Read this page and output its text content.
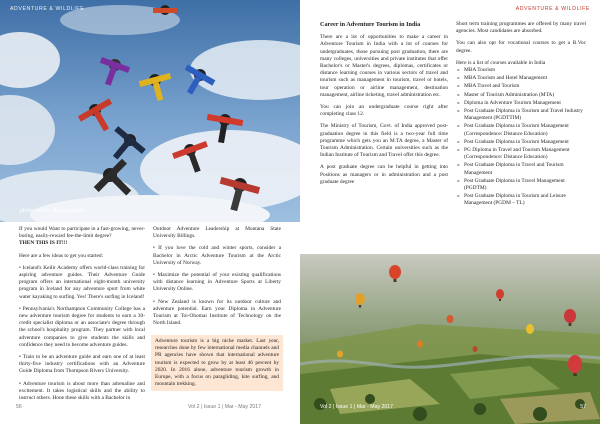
ADVENTURE & WILDLIFE
photo credit - travel planet

If you would Want to participate in a fast-growing, never-boring, easily-reward fee-the-limit degree?
THEN THIS IS IT!!!

Here are a few ideas to get you started:

• Iceland's Keilir Academy offers world-class training for aspiring adventure guides. Their Adventure Guide program offers an international eight-month university program in Iceland for any adventure sport from white water kayaking to surfing. Yes! There's surfing in Iceland!

• Pennsylvania's Northampton Community College has a new adventure tourism degree for students to earn a 30-credit specialist diploma or an associate's degree through the school's hospitality program. They partner with local adventure companies to give students the skills and confidence they need to become adventure guides.

• Train to be an adventure guide and earn one of at least thirty-five industry certifications with an Adventure Guide Diploma from Thompson Rivers University.

• Adventure tourism is about more than adrenaline and excitement. It takes logistical skills and the ability to instruct others. Hone these skills with a Bachelor in

Outdoor Adventure Leadership at Montana State University Billings.

• If you love the cold and winter sports, consider a Bachelor in Arctic Adventure Tourism at the Arctic University of Norway.

• Maximize the potential of your existing qualifications with distance learning in Adventure Sports at Liberty University Online.

• New Zealand is known for its outdoor culture and adventure potential. Earn your Diploma in Adventure Tourism at Toi-Ohomai Institute of Technology on the North Island.

Adventure tourism is a big niche market. Last year, researches done by few international media channels and PR agencies have shown that international adventure tourism is expected to grow by at least 46 percent by 2020. In 2016 alone, adventure tourism growth in Europe, with a focus on paragliding, kite surfing, and mountain trekking.
56	Vol 2 | Issue 1 | Mar - May 2017
ADVENTURE & WILDLIFE
Career in Adventure Tourism in India

There are a lot of opportunities to make a career in Adventure Tourism in India with a lot of courses for undergraduates, those pursuing post graduation, there are many colleges, universities and private institutes that offer Bachelor's or Master's degrees, diplomas, certificates or distance learning courses in various sectors of travel and tourism such as management in tourism, travel or hotels, tour operation or airline management, destination management, airline ticketing, travel administration etc.

You can join an undergraduate course right after completing class 12.

The Ministry of Tourism, Govt. of India approved post-graduation degree in this field is a two-year full time programme which gets you an M.TA degree, a Master of Tourism Administration. Certain universities such as the Indian Institute of Tourism and Travel offer this degree.

A post graduate degree can be helpful in getting into Positions as managers or in administration and a post graduate degree

Short term training programmes are offered by many travel agencies. Most candidates are absorbed.

You can also opt for vocational courses to get a B.Voc degree.

Here is a list of courses available in India
» MBA Tourism
» MBA Tourism and Hotel Management
» MBA Travel and Tourism
» Master of Tourism Administration (MTA)
» Diploma in Adventure Tourism Management
» Post Graduate Diploma in Tourism and Travel Industry Management (PGDTTIM)
» Post Graduate Diploma in Tourism Management (Correspondence/ Distance Education)
» Post Graduate Diploma in Tourism Management
» PG Diploma in Travel and Tourism Management (Correspondence/ Distance Education)
» Post Graduate Diploma in Travel and Tourism Management
» Post Graduate Diploma in Travel Management (PGDTM)
» Post Graduate Diploma in Tourism and Leisure Management (PGDM – TL)
Vol 2 | Issue 1 | Mar - May 2017	57
